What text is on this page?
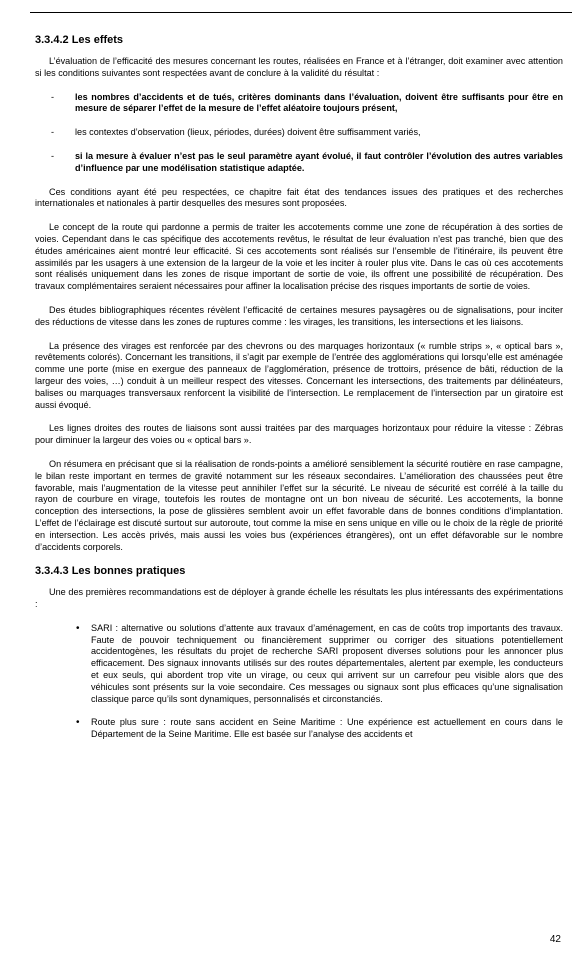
3.3.4.2 Les effets

L’évaluation de l’efficacité des mesures concernant les routes, réalisées en France et à l’étranger, doit examiner avec attention si les conditions suivantes sont respectées avant de conclure à la validité du résultat :

- les nombres d’accidents et de tués, critères dominants dans l’évaluation, doivent être suffisants pour être en mesure de séparer l’effet de la mesure de l’effet aléatoire toujours présent,
- les contextes d’observation (lieux, périodes, durées) doivent être suffisamment variés,
- si la mesure à évaluer n’est pas le seul paramètre ayant évolué, il faut contrôler l’évolution des autres variables d’influence par une modélisation statistique adaptée.

Ces conditions ayant été peu respectées, ce chapitre fait état des tendances issues des pratiques et des recherches internationales et nationales à partir desquelles des mesures sont proposées.

Le concept de la route qui pardonne a permis de traiter les accotements comme une zone de récupération à des sorties de voies. Cependant dans le cas spécifique des accotements revêtus, le résultat de leur évaluation n’est pas tranché, bien que des études américaines aient montré leur efficacité. Si ces accotements sont réalisés sur l’ensemble de l’itinéraire, ils peuvent être assimilés par les usagers à une extension de la largeur de la voie et les inciter à rouler plus vite. Dans le cas où ces accotements sont réalisés uniquement dans les zones de risque important de sortie de voie, ils offrent une possibilité de récupération. Des travaux complémentaires seraient nécessaires pour affiner la localisation précise des risques importants de sortie de voies.

Des études bibliographiques récentes révèlent l’efficacité de certaines mesures paysagères ou de signalisations, pour inciter des réductions de vitesse dans les zones de ruptures comme : les virages, les transitions, les intersections et les liaisons.

La présence des virages est renforcée par des chevrons ou des marquages horizontaux (« rumble strips », « optical bars », revêtements colorés). Concernant les transitions, il s’agit par exemple de l’entrée des agglomérations qui lorsqu’elle est aménagée comme une porte (mise en exergue des panneaux de l’agglomération, présence de trottoirs, présence de bâti, réduction de la largeur des voies, …) conduit à un meilleur respect des vitesses. Concernant les intersections, des traitements par délinéateurs, balises ou marquages transversaux renforcent la visibilité de l’intersection. Le remplacement de l’intersection par un giratoire est aussi évoqué.

Les lignes droites des routes de liaisons sont aussi traitées par des marquages horizontaux pour réduire la vitesse : Zébras pour diminuer la largeur des voies ou « optical bars ».

On résumera en précisant que si la réalisation de ronds-points a amélioré sensiblement la sécurité routière en rase campagne, le bilan reste important en termes de gravité notamment sur les réseaux secondaires. L’amélioration des chaussées peut être favorable, mais l’augmentation de la vitesse peut annihiler l’effet sur la sécurité. Le niveau de sécurité est corrélé à la taille du rayon de courbure en virage, toutefois les routes de montagne ont un bon niveau de sécurité. Les accotements, la bonne conception des intersections, la pose de glissières semblent avoir un effet favorable dans de bonnes conditions d’implantation. L’effet de l’éclairage est discuté surtout sur autoroute, tout comme la mise en sens unique en ville ou le choix de la règle de priorité en intersection. Les accès privés, mais aussi les voies bus (expériences étrangères), ont un effet défavorable sur le nombre d’accidents corporels.

3.3.4.3 Les bonnes pratiques

Une des premières recommandations est de déployer à grande échelle les résultats les plus intéressants des expérimentations :

• SARI : alternative ou solutions d’attente aux travaux d’aménagement, en cas de coûts trop importants des travaux. Faute de pouvoir techniquement ou financièrement supprimer ou corriger des situations potentiellement accidentogènes, les résultats du projet de recherche SARI proposent diverses solutions pour les annoncer plus efficacement. Des signaux innovants utilisés sur des routes départementales, alertent par exemple, les conducteurs et eux seuls, qui abordent trop vite un virage, ou ceux qui arrivent sur un carrefour peu visible alors que des véhicules sont présents sur la voie secondaire. Ces messages ou signaux sont plus efficaces qu’une signalisation classique parce qu’ils sont dynamiques, personnalisés et circonstanciés.
• Route plus sure : route sans accident en Seine Maritime : Une expérience est actuellement en cours dans le Département de la Seine Maritime. Elle est basée sur l’analyse des accidents et
42
